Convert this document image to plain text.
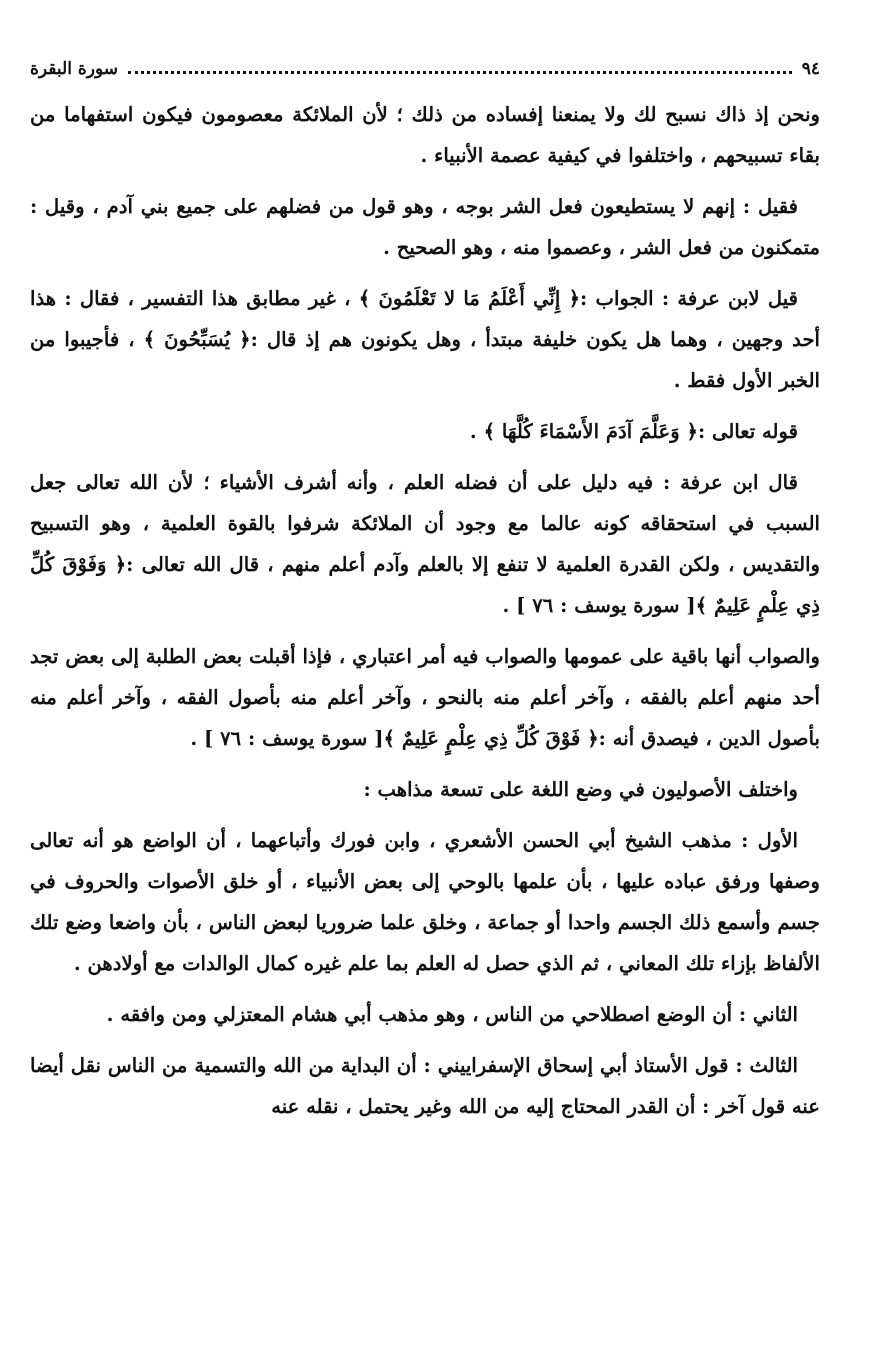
٩٤
سورة البقرة

ونحن إذ ذاك نسبح لك ولا يمنعنا إفساده من ذلك ؛ لأن الملائكة معصومون فيكون استفهاما من بقاء تسبيحهم ، واختلفوا في كيفية عصمة الأنبياء .

فقيل : إنهم لا يستطيعون فعل الشر بوجه ، وهو قول من فضلهم على جميع بني آدم ، وقيل : متمكنون من فعل الشر ، وعصموا منه ، وهو الصحيح .

قيل لابن عرفة : الجواب :﴿ إِنِّي أَعْلَمُ مَا لا تَعْلَمُونَ ﴾ ، غير مطابق هذا التفسير ، فقال : هذا أحد وجهين ، وهما هل يكون خليفة مبتدأ ، وهل يكونون هم إذ قال :﴿ يُسَبِّحُونَ ﴾ ، فأجيبوا من الخبر الأول فقط .

قوله تعالى :﴿ وَعَلَّمَ آدَمَ الأَسْمَاءَ كُلَّهَا ﴾ .

قال ابن عرفة : فيه دليل على أن فضله العلم ، وأنه أشرف الأشياء ؛ لأن الله تعالى جعل السبب في استحقاقه كونه عالما مع وجود أن الملائكة شرفوا بالقوة العلمية ، وهو التسبيح والتقديس ، ولكن القدرة العلمية لا تنفع إلا بالعلم وآدم أعلم منهم ، قال الله تعالى :﴿ وَفَوْقَ كُلِّ ذِي عِلْمٍ عَلِيمٌ ﴾[ سورة يوسف : ٧٦ ] .

والصواب أنها باقية على عمومها والصواب فيه أمر اعتباري ، فإذا أقبلت بعض الطلبة إلى بعض تجد أحد منهم أعلم بالفقه ، وآخر أعلم منه بالنحو ، وآخر أعلم منه بأصول الفقه ، وآخر أعلم منه بأصول الدين ، فيصدق أنه :﴿ فَوْقَ كُلِّ ذِي عِلْمٍ عَلِيمٌ ﴾[ سورة يوسف : ٧٦ ] .

واختلف الأصوليون في وضع اللغة على تسعة مذاهب :

الأول : مذهب الشيخ أبي الحسن الأشعري ، وابن فورك وأتباعهما ، أن الواضع هو أنه تعالى وصفها ورفق عباده عليها ، بأن علمها بالوحي إلى بعض الأنبياء ، أو خلق الأصوات والحروف في جسم وأسمع ذلك الجسم واحدا أو جماعة ، وخلق علما ضروريا لبعض الناس ، بأن واضعا وضع تلك الألفاظ بإزاء تلك المعاني ، ثم الذي حصل له العلم بما علم غيره كمال الوالدات مع أولادهن .

الثاني : أن الوضع اصطلاحي من الناس ، وهو مذهب أبي هشام المعتزلي ومن وافقه .

الثالث : قول الأستاذ أبي إسحاق الإسفراييني : أن البداية من الله والتسمية من الناس نقل أيضا عنه قول آخر : أن القدر المحتاج إليه من الله وغير يحتمل ، نقله عنه
